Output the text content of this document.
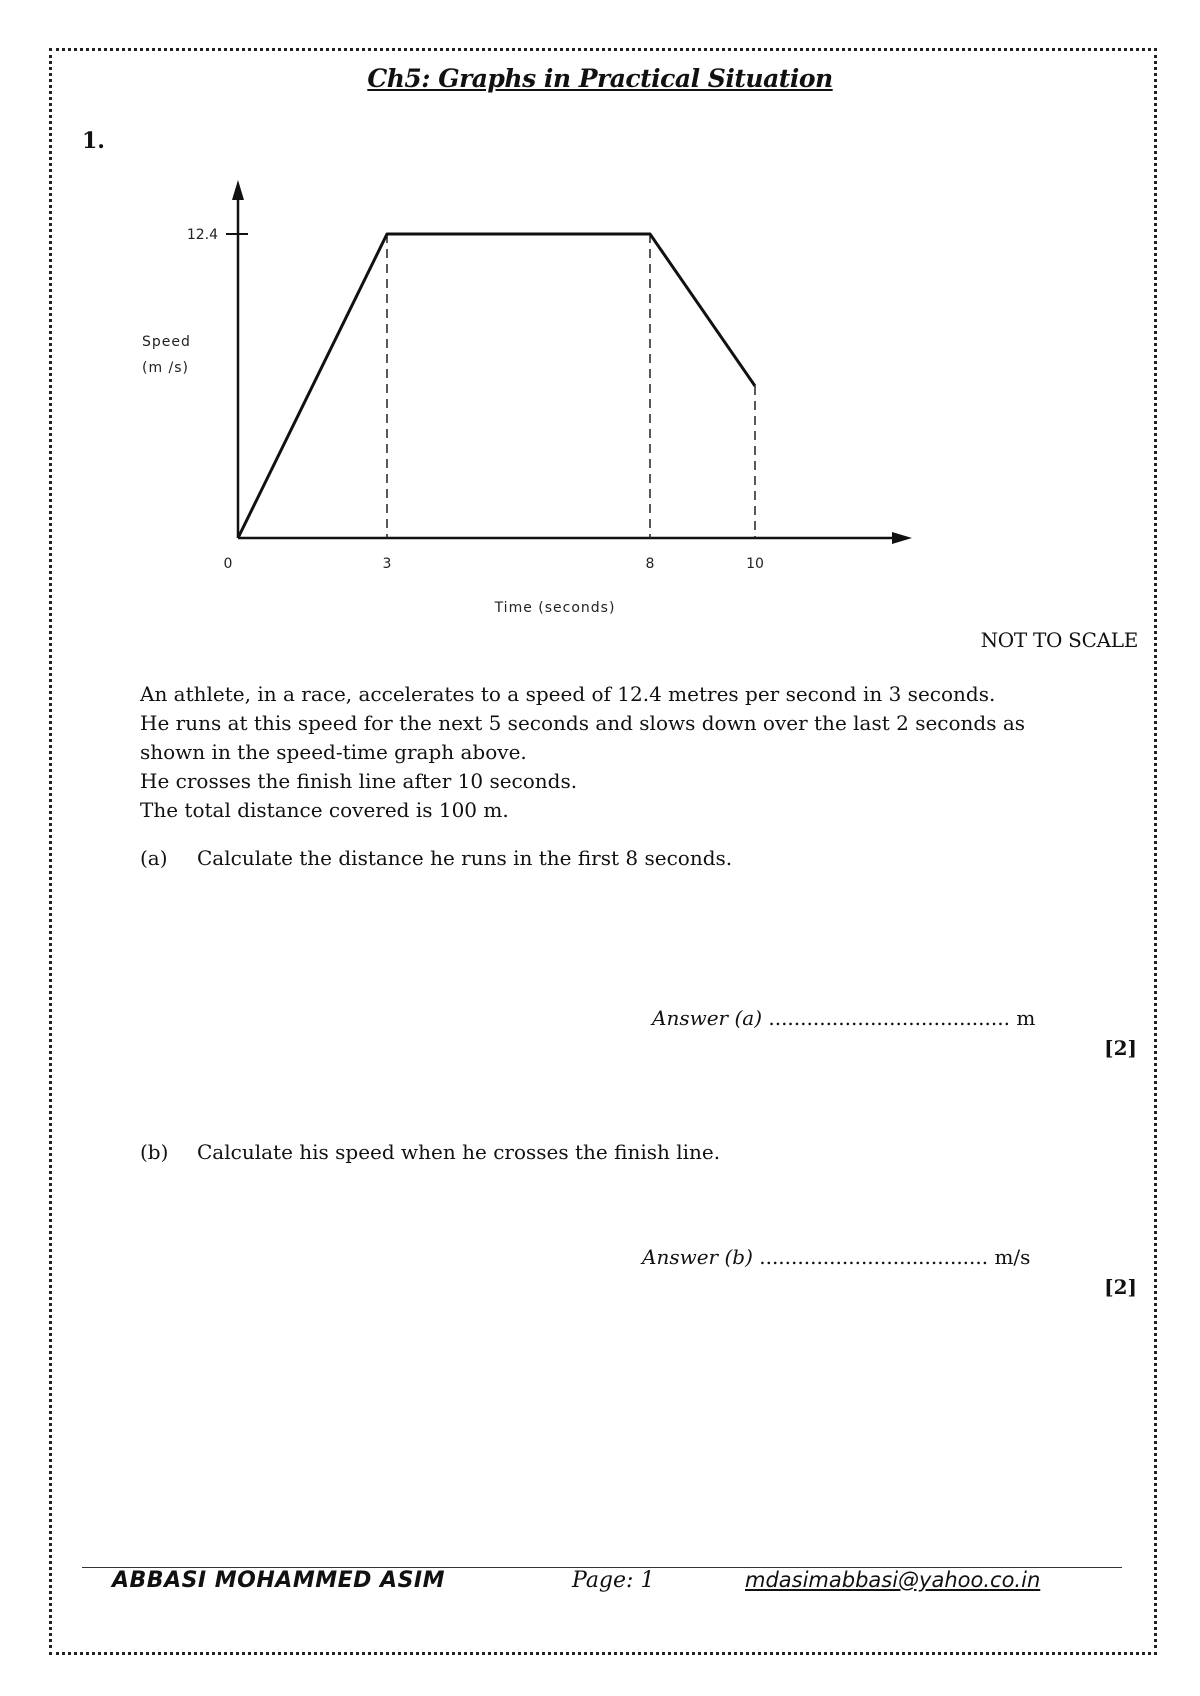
Ch5: Graphs in Practical Situation
1.
12.4
0	3	8	10
Time (seconds)
Speed
(m /s)
NOT TO SCALE
An athlete, in a race, accelerates to a speed of 12.4 metres per second in 3 seconds.
He runs at this speed for the next 5 seconds and slows down over the last 2 seconds as
shown in the speed-time graph above.
He crosses the finish line after 10 seconds.
The total distance covered is 100 m.
(a) Calculate the distance he runs in the first 8 seconds.
Answer (a) ...................................... m
[2]
(b) Calculate his speed when he crosses the finish line.
Answer (b) .................................... m/s
[2]
ABBASI MOHAMMED ASIM	Page: 1	mdasimabbasi@yahoo.co.in
